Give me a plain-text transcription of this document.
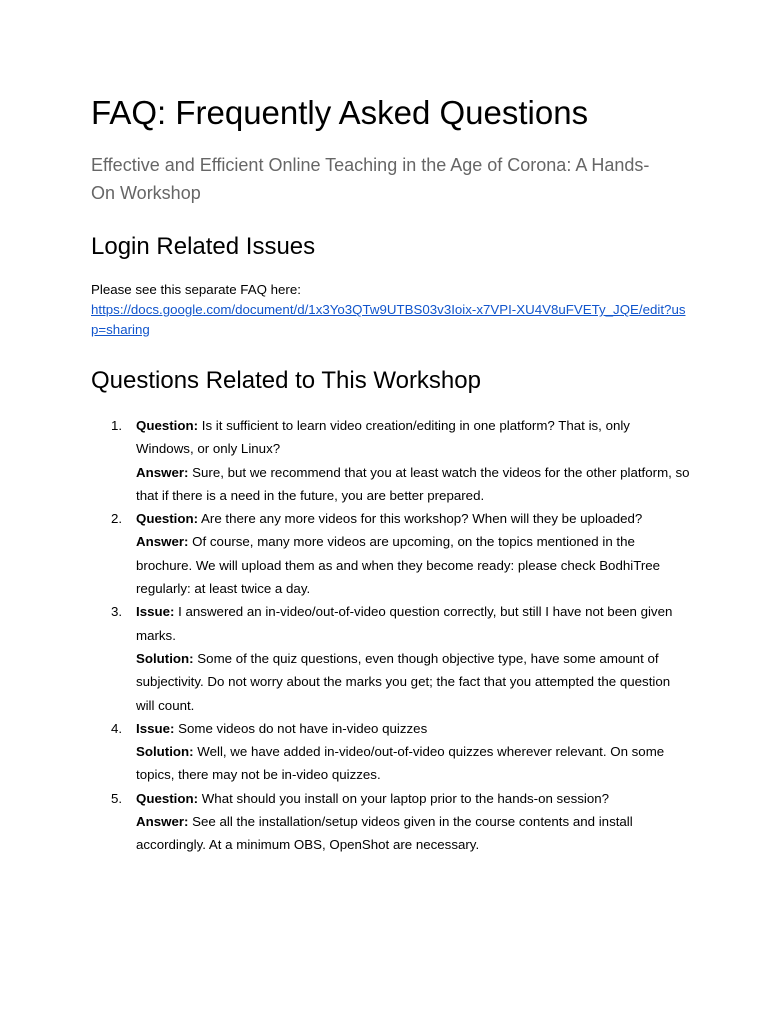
FAQ: Frequently Asked Questions
Effective and Efficient Online Teaching in the Age of Corona: A Hands-On Workshop
Login Related Issues
Please see this separate FAQ here:
https://docs.google.com/document/d/1x3Yo3QTw9UTBS03v3Ioix-x7VPI-XU4V8uFVETy_JQE/edit?usp=sharing
Questions Related to This Workshop
1. Question: Is it sufficient to learn video creation/editing in one platform? That is, only Windows, or only Linux?
Answer: Sure, but we recommend that you at least watch the videos for the other platform, so that if there is a need in the future, you are better prepared.
2. Question: Are there any more videos for this workshop? When will they be uploaded?
Answer: Of course, many more videos are upcoming, on the topics mentioned in the brochure. We will upload them as and when they become ready: please check BodhiTree regularly: at least twice a day.
3. Issue: I answered an in-video/out-of-video question correctly, but still I have not been given marks.
Solution: Some of the quiz questions, even though objective type, have some amount of subjectivity. Do not worry about the marks you get; the fact that you attempted the question will count.
4. Issue: Some videos do not have in-video quizzes
Solution: Well, we have added in-video/out-of-video quizzes wherever relevant. On some topics, there may not be in-video quizzes.
5. Question: What should you install on your laptop prior to the hands-on session?
Answer: See all the installation/setup videos given in the course contents and install accordingly. At a minimum OBS, OpenShot are necessary.
